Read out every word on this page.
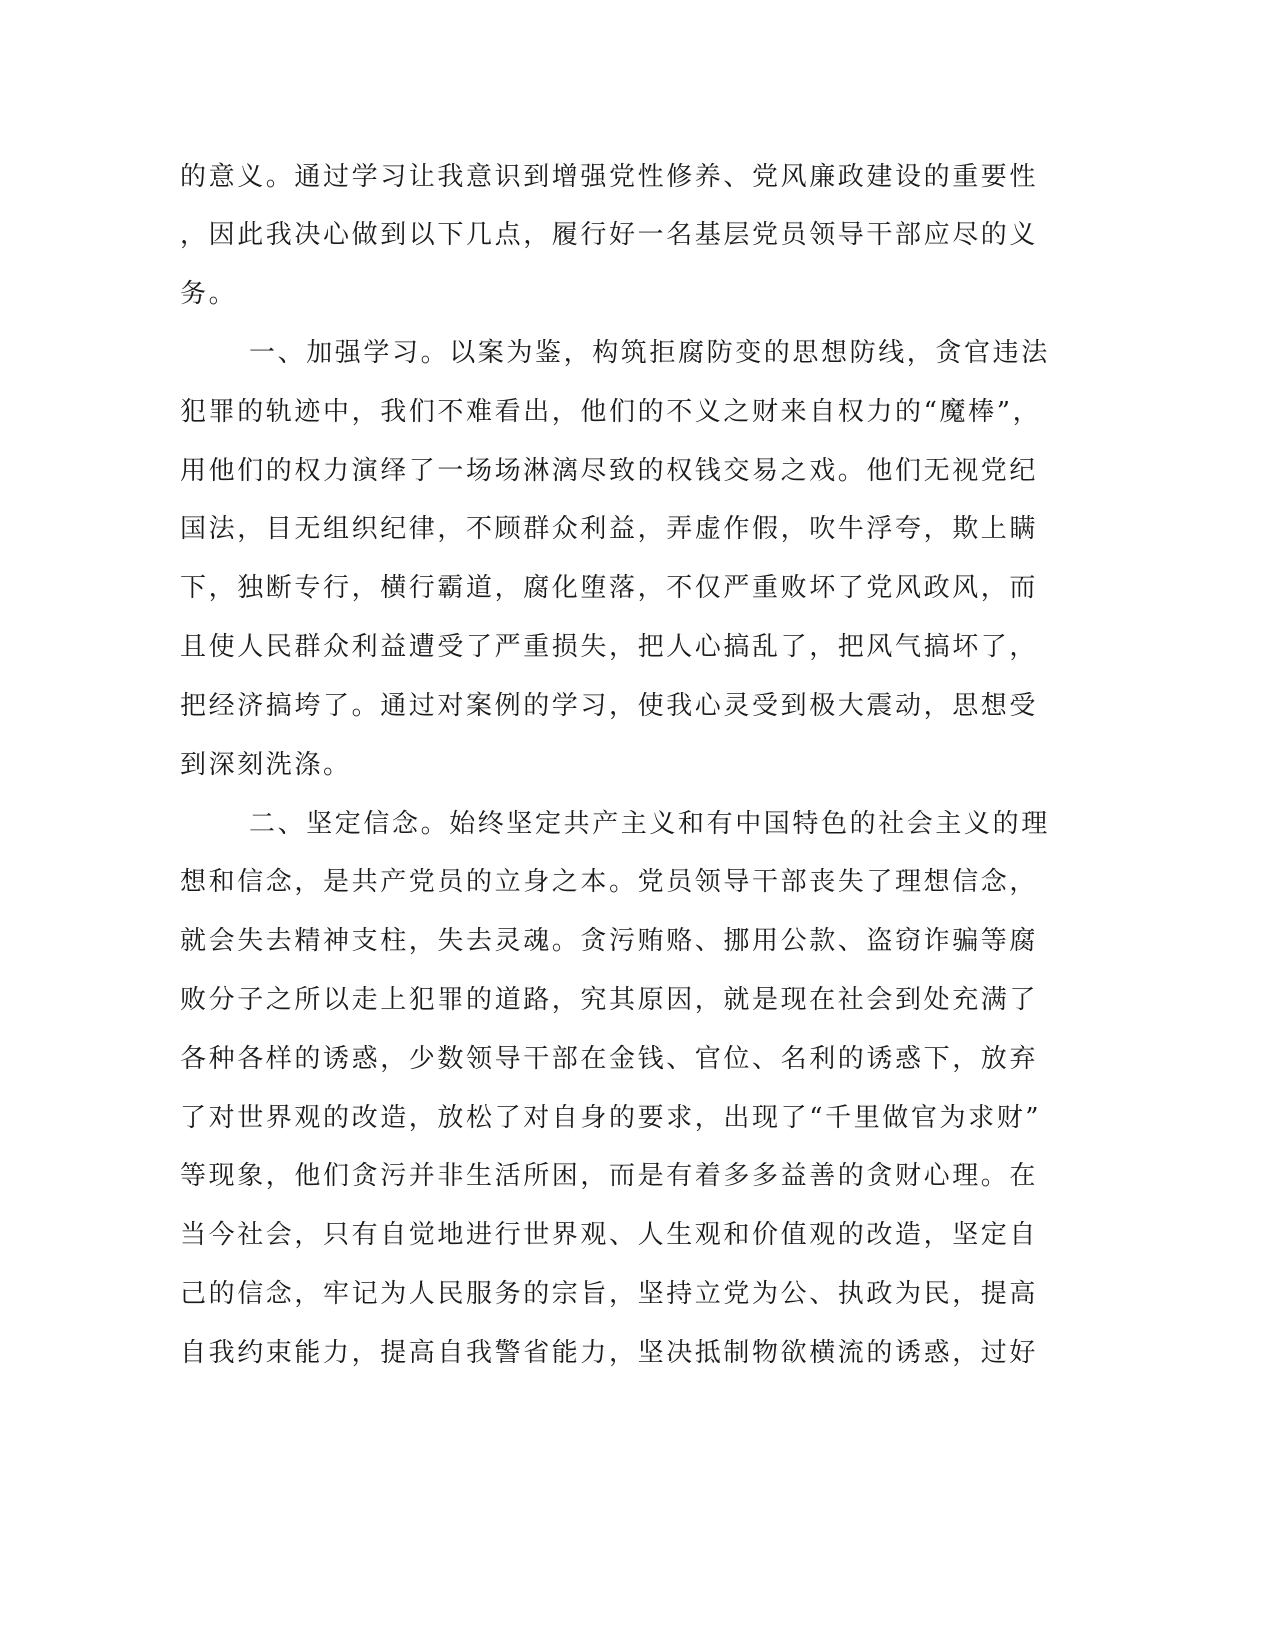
的意义。通过学习让我意识到增强党性修养、党风廉政建设的重要性
，因此我决心做到以下几点，履行好一名基层党员领导干部应尽的义
务。
一、加强学习。以案为鉴，构筑拒腐防变的思想防线，贪官违法
犯罪的轨迹中，我们不难看出，他们的不义之财来自权力的“魔棒”，
用他们的权力演绎了一场场淋漓尽致的权钱交易之戏。他们无视党纪
国法，目无组织纪律，不顾群众利益，弄虚作假，吹牛浮夸，欺上瞒
下，独断专行，横行霸道，腐化堕落，不仅严重败坏了党风政风，而
且使人民群众利益遭受了严重损失，把人心搞乱了，把风气搞坏了，
把经济搞垮了。通过对案例的学习，使我心灵受到极大震动，思想受
到深刻洗涤。
二、坚定信念。始终坚定共产主义和有中国特色的社会主义的理
想和信念，是共产党员的立身之本。党员领导干部丧失了理想信念，
就会失去精神支柱，失去灵魂。贪污贿赂、挪用公款、盗窃诈骗等腐
败分子之所以走上犯罪的道路，究其原因，就是现在社会到处充满了
各种各样的诱惑，少数领导干部在金钱、官位、名利的诱惑下，放弃
了对世界观的改造，放松了对自身的要求，出现了“千里做官为求财”
等现象，他们贪污并非生活所困，而是有着多多益善的贪财心理。在
当今社会，只有自觉地进行世界观、人生观和价值观的改造，坚定自
己的信念，牢记为人民服务的宗旨，坚持立党为公、执政为民，提高
自我约束能力，提高自我警省能力，坚决抵制物欲横流的诱惑，过好
